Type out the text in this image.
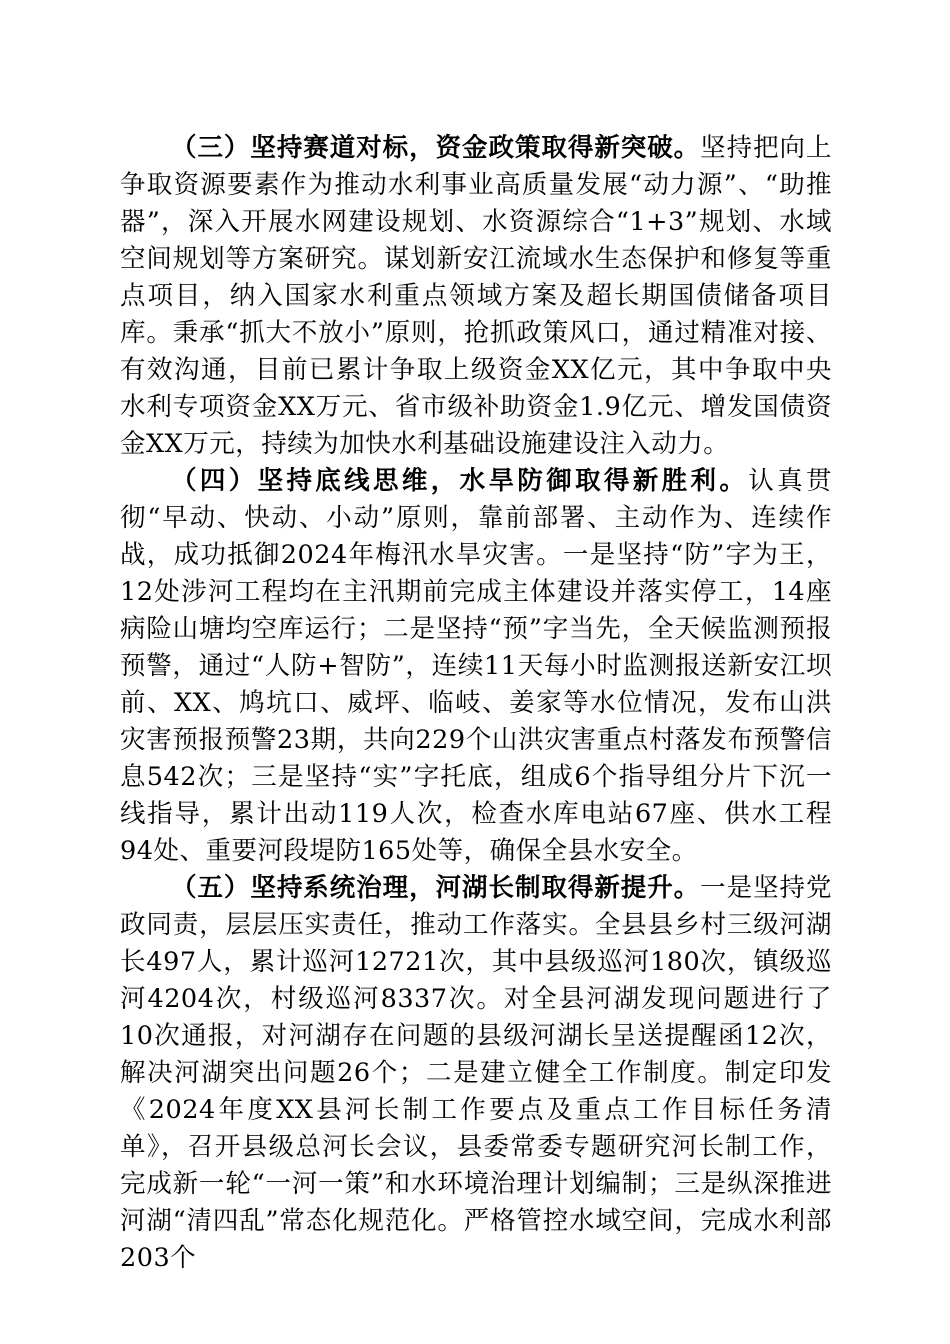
（三）坚持赛道对标，资金政策取得新突破。坚持把向上争取资源要素作为推动水利事业高质量发展“动力源”、“助推器”，深入开展水网建设规划、水资源综合“1+3”规划、水域空间规划等方案研究。谋划新安江流域水生态保护和修复等重点项目，纳入国家水利重点领域方案及超长期国债储备项目库。秉承“抓大不放小”原则，抢抓政策风口，通过精准对接、有效沟通，目前已累计争取上级资金XX亿元，其中争取中央水利专项资金XX万元、省市级补助资金1.9亿元、增发国债资金XX万元，持续为加快水利基础设施建设注入动力。

（四）坚持底线思维，水旱防御取得新胜利。认真贯彻“早动、快动、小动”原则，靠前部署、主动作为、连续作战，成功抵御2024年梅汛水旱灾害。一是坚持“防”字为王，12处涉河工程均在主汛期前完成主体建设并落实停工，14座病险山塘均空库运行；二是坚持“预”字当先，全天候监测预报预警，通过“人防+智防”，连续11天每小时监测报送新安江坝前、XX、鸠坑口、威坪、临岐、姜家等水位情况，发布山洪灾害预报预警23期，共向229个山洪灾害重点村落发布预警信息542次；三是坚持“实”字托底，组成6个指导组分片下沉一线指导，累计出动119人次，检查水库电站67座、供水工程94处、重要河段堤防165处等，确保全县水安全。

（五）坚持系统治理，河湖长制取得新提升。一是坚持党政同责，层层压实责任，推动工作落实。全县县乡村三级河湖长497人，累计巡河12721次，其中县级巡河180次，镇级巡河4204次，村级巡河8337次。对全县河湖发现问题进行了10次通报，对河湖存在问题的县级河湖长呈送提醒函12次，解决河湖突出问题26个；二是建立健全工作制度。制定印发《2024年度XX县河长制工作要点及重点工作目标任务清单》，召开县级总河长会议，县委常委专题研究河长制工作，完成新一轮“一河一策”和水环境治理计划编制；三是纵深推进河湖“清四乱”常态化规范化。严格管控水域空间，完成水利部203个
